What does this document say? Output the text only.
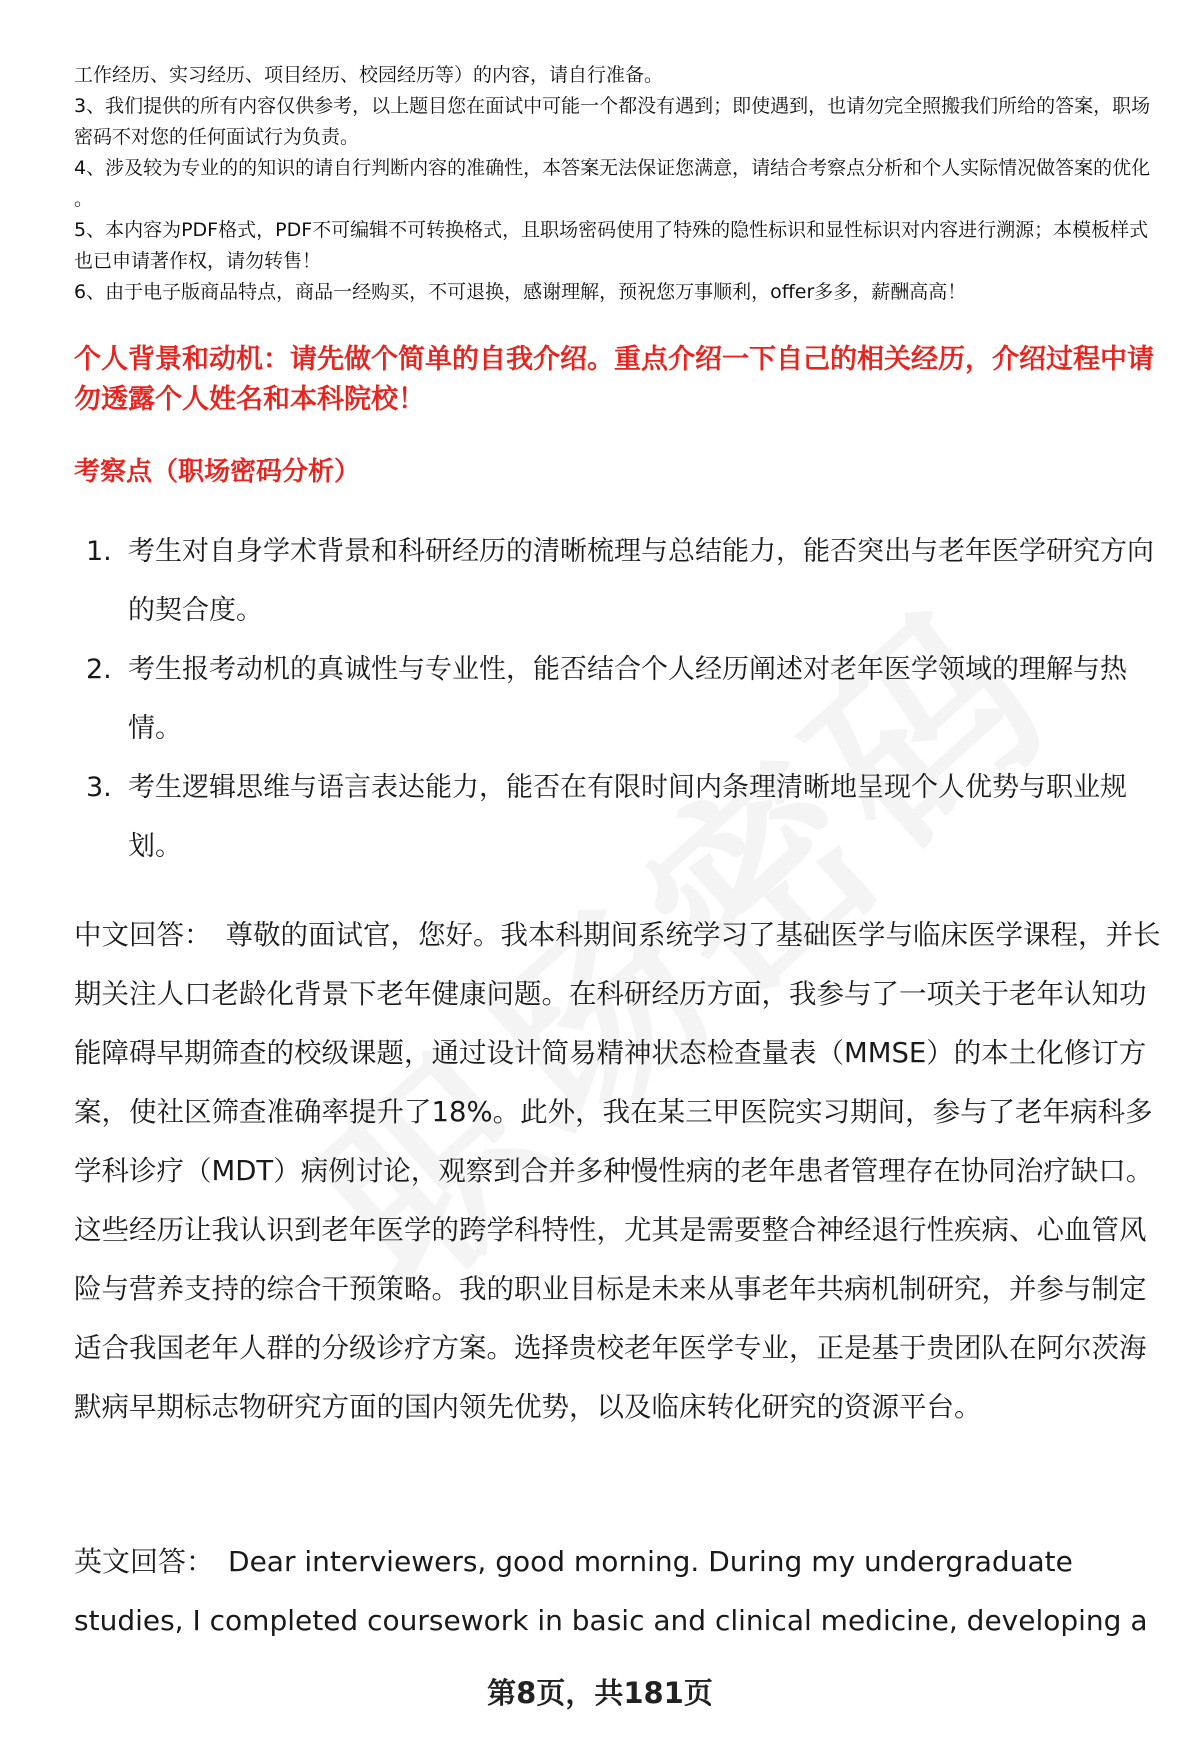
工作经历、实习经历、项目经历、校园经历等）的内容，请自行准备。

3、我们提供的所有内容仅供参考，以上题目您在面试中可能一个都没有遇到；即使遇到，也请勿完全照搬我们所给的答案，职场密码不对您的任何面试行为负责。

4、涉及较为专业的的知识的请自行判断内容的准确性，本答案无法保证您满意，请结合考察点分析和个人实际情况做答案的优化 。

5、本内容为PDF格式，PDF不可编辑不可转换格式，且职场密码使用了特殊的隐性标识和显性标识对内容进行溯源；本模板样式也已申请著作权，请勿转售！

6、由于电子版商品特点，商品一经购买，不可退换，感谢理解，预祝您万事顺利，offer多多，薪酬高高！

个人背景和动机：请先做个简单的自我介绍。重点介绍一下自己的相关经历，介绍过程中请勿透露个人姓名和本科院校！
考察点（职场密码分析）
1. 考生对自身学术背景和科研经历的清晰梳理与总结能力，能否突出与老年医学研究方向的契合度。
2. 考生报考动机的真诚性与专业性，能否结合个人经历阐述对老年医学领域的理解与热情。
3. 考生逻辑思维与语言表达能力，能否在有限时间内条理清晰地呈现个人优势与职业规划。

中文回答： 尊敬的面试官，您好。我本科期间系统学习了基础医学与临床医学课程，并长期关注人口老龄化背景下老年健康问题。在科研经历方面，我参与了一项关于老年认知功能障碍早期筛查的校级课题，通过设计简易精神状态检查量表（MMSE）的本土化修订方案，使社区筛查准确率提升了18%。此外，我在某三甲医院实习期间，参与了老年病科多学科诊疗（MDT）病例讨论，观察到合并多种慢性病的老年患者管理存在协同治疗缺口。这些经历让我认识到老年医学的跨学科特性，尤其是需要整合神经退行性疾病、心血管风险与营养支持的综合干预策略。我的职业目标是未来从事老年共病机制研究，并参与制定适合我国老年人群的分级诊疗方案。选择贵校老年医学专业，正是基于贵团队在阿尔茨海默病早期标志物研究方面的国内领先优势，以及临床转化研究的资源平台。

英文回答： Dear interviewers, good morning. During my undergraduate studies, I completed coursework in basic and clinical medicine, developing a

第8页，共181页
